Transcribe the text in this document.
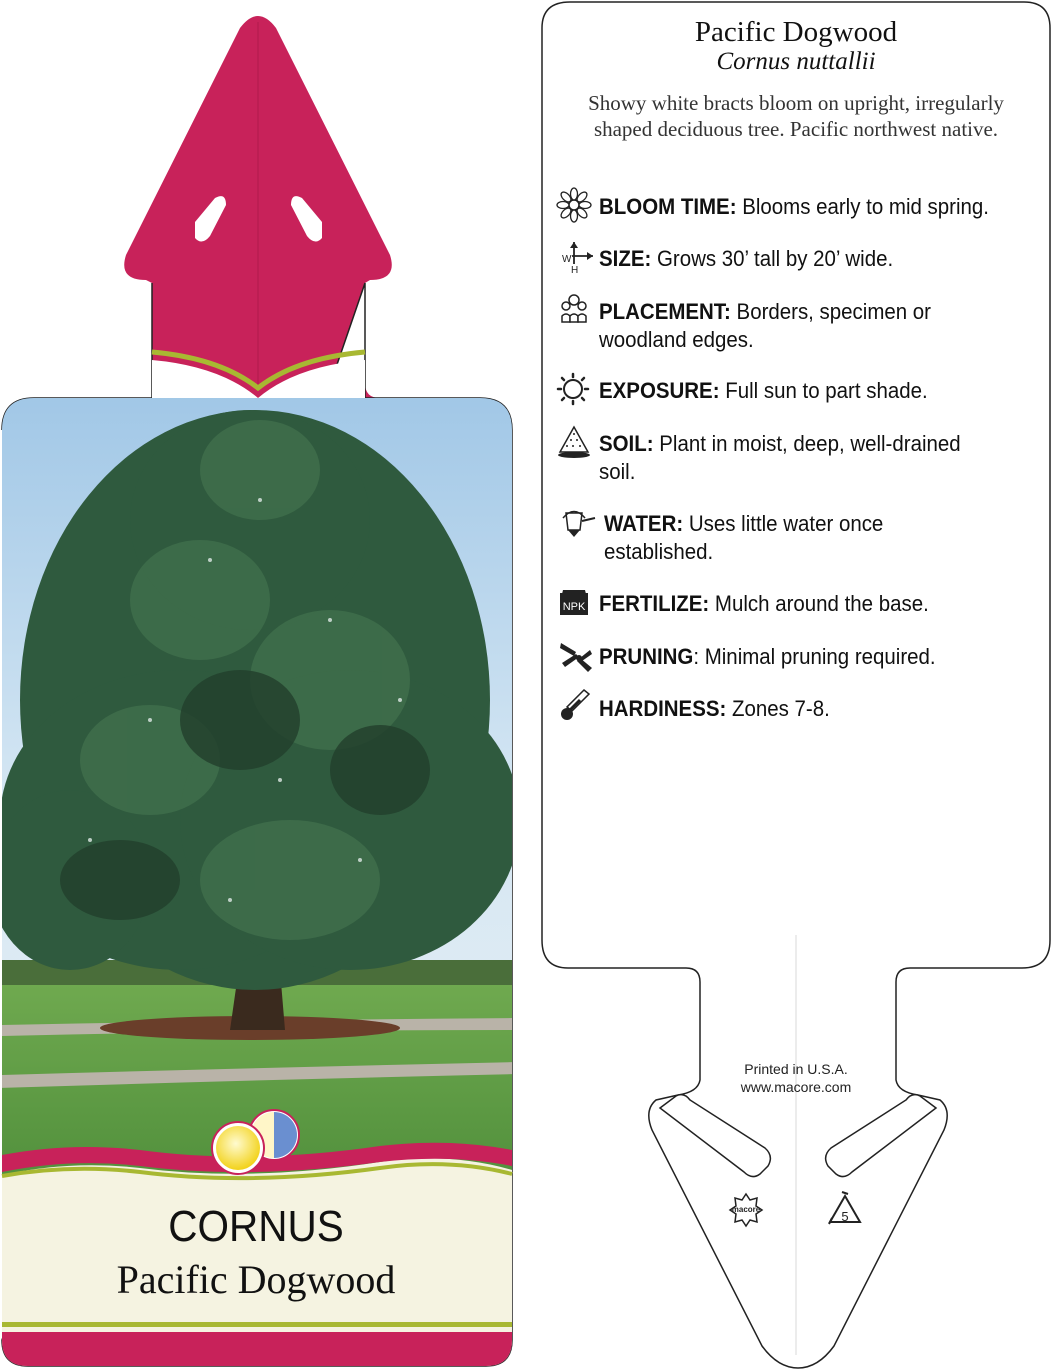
W
H
NPK
Pacific Dogwood
Cornus nuttallii
Showy white bracts bloom on upright, irregularly shaped deciduous tree. Pacific northwest native.
BLOOM TIME: Blooms early to mid spring.
SIZE: Grows 30’ tall by 20’ wide.
PLACEMENT: Borders, specimen or woodland edges.
EXPOSURE: Full sun to part shade.
SOIL: Plant in moist, deep, well-drained soil.
WATER: Uses little water once established.
FERTILIZE: Mulch around the base.
PRUNING: Minimal pruning required.
HARDINESS: Zones 7-8.
Printed in U.S.A.
www.macore.com
macore	5
CORNUS
Pacific Dogwood
